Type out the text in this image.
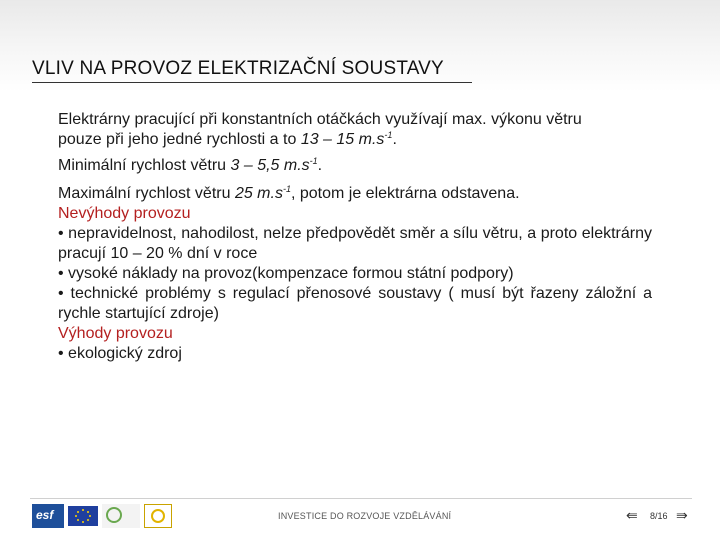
VLIV NA PROVOZ ELEKTRIZAČNÍ SOUSTAVY

Elektrárny pracující při konstantních otáčkách využívají max. výkonu větru
pouze při jeho jedné rychlosti a to 13 – 15 $m.s^{-1}$.

Minimální rychlost větru 3 – 5,5 $m.s^{-1}$.

Maximální rychlost větru 25 $m.s^{-1}$, potom je elektrárna odstavena.

Nevýhody provozu

• nepravidelnost, nahodilost, nelze předpovědět směr a sílu větru, a proto elektrárny pracují 10 – 20 % dní v roce

• vysoké náklady na provoz(kompenzace formou státní podpory)

• technické problémy s regulací přenosové soustavy ( musí být řazeny záložní a rychle startující zdroje)

Výhody provozu

• ekologický zdroj

esf	INVESTICE DO ROZVOJE VZDĚLÁVÁNÍ	⇚ 8/16 ⇛
